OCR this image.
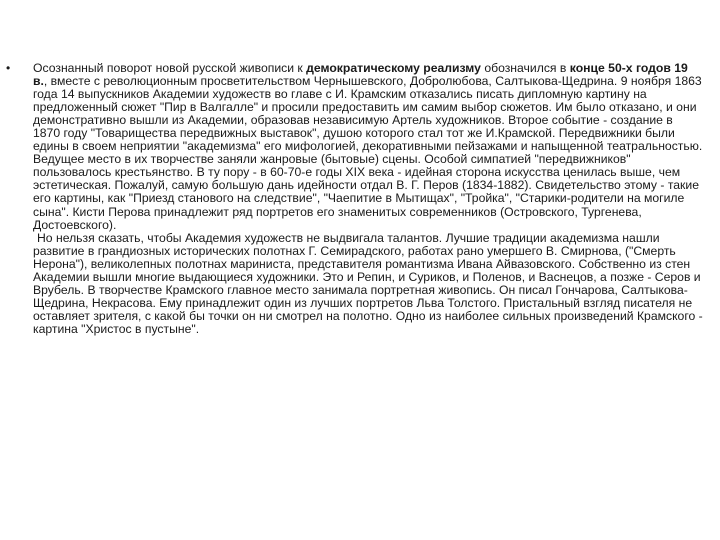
• Осознанный поворот новой русской живописи к демократическому реализму обозначился в конце 50-х годов 19 в., вместе с революционным просветительством Чернышевского, Добролюбова, Салтыкова-Щедрина. 9 ноября 1863 года 14 выпускников Академии художеств во главе с И. Крамским отказались писать дипломную картину на предложенный сюжет "Пир в Валгалле" и просили предоставить им самим выбор сюжетов. Им было отказано, и они демонстративно вышли из Академии, образовав независимую Артель художников. Второе событие - создание в 1870 году "Товарищества передвижных выставок", душою которого стал тот же И.Крамской. Передвижники были едины в своем неприятии "академизма" его мифологией, декоративными пейзажами и напыщенной театральностью. Ведущее место в их творчестве заняли жанровые (бытовые) сцены. Особой симпатией "передвижников" пользовалось крестьянство. В ту пору - в 60-70-е годы XIX века - идейная сторона искусства ценилась выше, чем эстетическая. Пожалуй, самую большую дань идейности отдал В. Г. Перов (1834-1882). Свидетельство этому - такие его картины, как "Приезд станового на следствие", "Чаепитие в Мытищах", "Тройка", "Старики-родители на могиле сына". Кисти Перова принадлежит ряд портретов его знаменитых современников (Островского, Тургенева, Достоевского).

Но нельзя сказать, чтобы Академия художеств не выдвигала талантов. Лучшие традиции академизма нашли развитие в грандиозных исторических полотнах Г. Семирадского, работах рано умершего В. Смирнова, ("Смерть Нерона"), великолепных полотнах мариниста, представителя романтизма Ивана Айвазовского. Собственно из стен Академии вышли многие выдающиеся художники. Это и Репин, и Суриков, и Поленов, и Васнецов, а позже - Серов и Врубель. В творчестве Крамского главное место занимала портретная живопись. Он писал Гончарова, Салтыкова-Щедрина, Некрасова. Ему принадлежит один из лучших портретов Льва Толстого. Пристальный взгляд писателя не оставляет зрителя, с какой бы точки он ни смотрел на полотно. Одно из наиболее сильных произведений Крамского - картина "Христос в пустыне".
